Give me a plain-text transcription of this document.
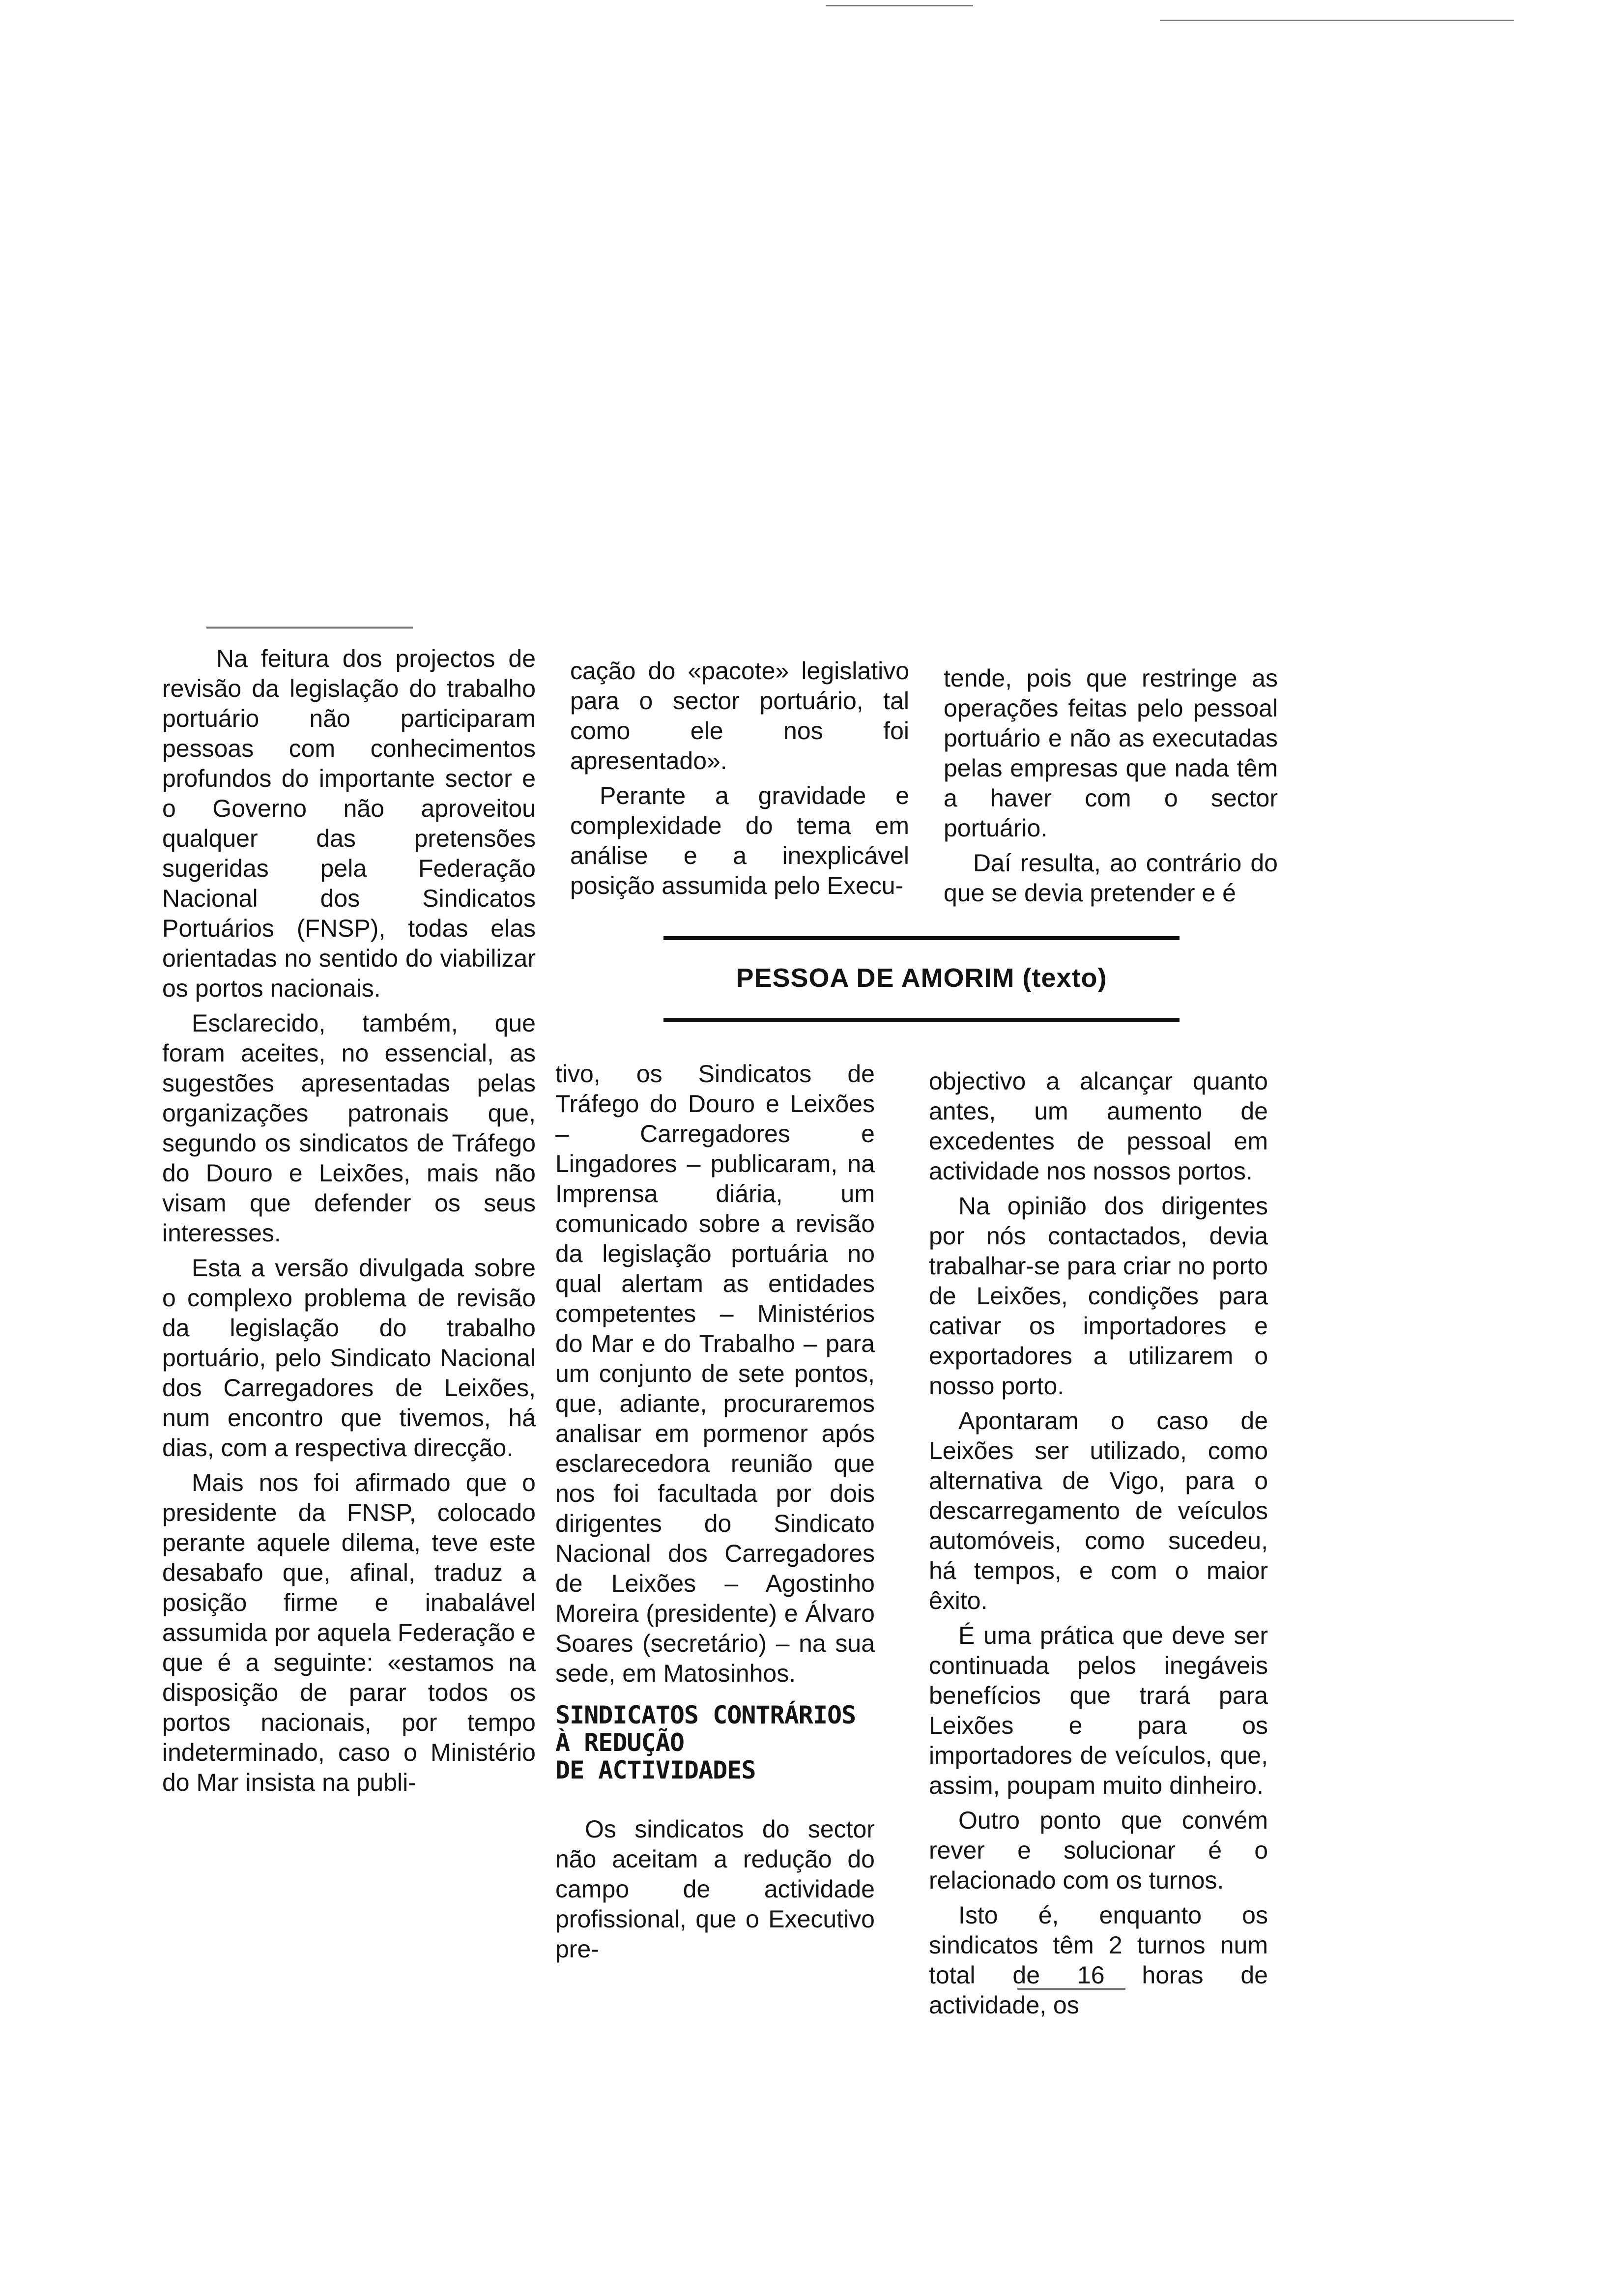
Na feitura dos projectos de revisão da legislação do trabalho portuário não participaram pessoas com conhecimentos profundos do importante sector e o Governo não aproveitou qualquer das pretensões sugeridas pela Federação Nacional dos Sindicatos Portuários (FNSP), todas elas orientadas no sentido do viabilizar os portos nacionais.

Esclarecido, também, que foram aceites, no essencial, as sugestões apresentadas pelas organizações patronais que, segundo os sindicatos de Tráfego do Douro e Leixões, mais não visam que defender os seus interesses.

Esta a versão divulgada sobre o complexo problema de revisão da legislação do trabalho portuário, pelo Sindicato Nacional dos Carregadores de Leixões, num encontro que tivemos, há dias, com a respectiva direcção.

Mais nos foi afirmado que o presidente da FNSP, colocado perante aquele dilema, teve este desabafo que, afinal, traduz a posição firme e inabalável assumida por aquela Federação e que é a seguinte: «estamos na disposição de parar todos os portos nacionais, por tempo indeterminado, caso o Ministério do Mar insista na publi-

cação do «pacote» legislativo para o sector portuário, tal como ele nos foi apresentado».

Perante a gravidade e complexidade do tema em análise e a inexplicável posição assumida pelo Execu-

tende, pois que restringe as operações feitas pelo pessoal portuário e não as executadas pelas empresas que nada têm a haver com o sector portuário.

Daí resulta, ao contrário do que se devia pretender e é

PESSOA DE AMORIM (texto)

tivo, os Sindicatos de Tráfego do Douro e Leixões – Carregadores e Lingadores – publicaram, na Imprensa diária, um comunicado sobre a revisão da legislação portuária no qual alertam as entidades competentes – Ministérios do Mar e do Trabalho – para um conjunto de sete pontos, que, adiante, procuraremos analisar em pormenor após esclarecedora reunião que nos foi facultada por dois dirigentes do Sindicato Nacional dos Carregadores de Leixões – Agostinho Moreira (presidente) e Álvaro Soares (secretário) – na sua sede, em Matosinhos.

SINDICATOS CONTRÁRIOS
À REDUÇÃO
DE ACTIVIDADES

Os sindicatos do sector não aceitam a redução do campo de actividade profissional, que o Executivo pre-

objectivo a alcançar quanto antes, um aumento de excedentes de pessoal em actividade nos nossos portos.

Na opinião dos dirigentes por nós contactados, devia trabalhar-se para criar no porto de Leixões, condições para cativar os importadores e exportadores a utilizarem o nosso porto.

Apontaram o caso de Leixões ser utilizado, como alternativa de Vigo, para o descarregamento de veículos automóveis, como sucedeu, há tempos, e com o maior êxito.

É uma prática que deve ser continuada pelos inegáveis benefícios que trará para Leixões e para os importadores de veículos, que, assim, poupam muito dinheiro.

Outro ponto que convém rever e solucionar é o relacionado com os turnos.

Isto é, enquanto os sindicatos têm 2 turnos num total de 16 horas de actividade, os
